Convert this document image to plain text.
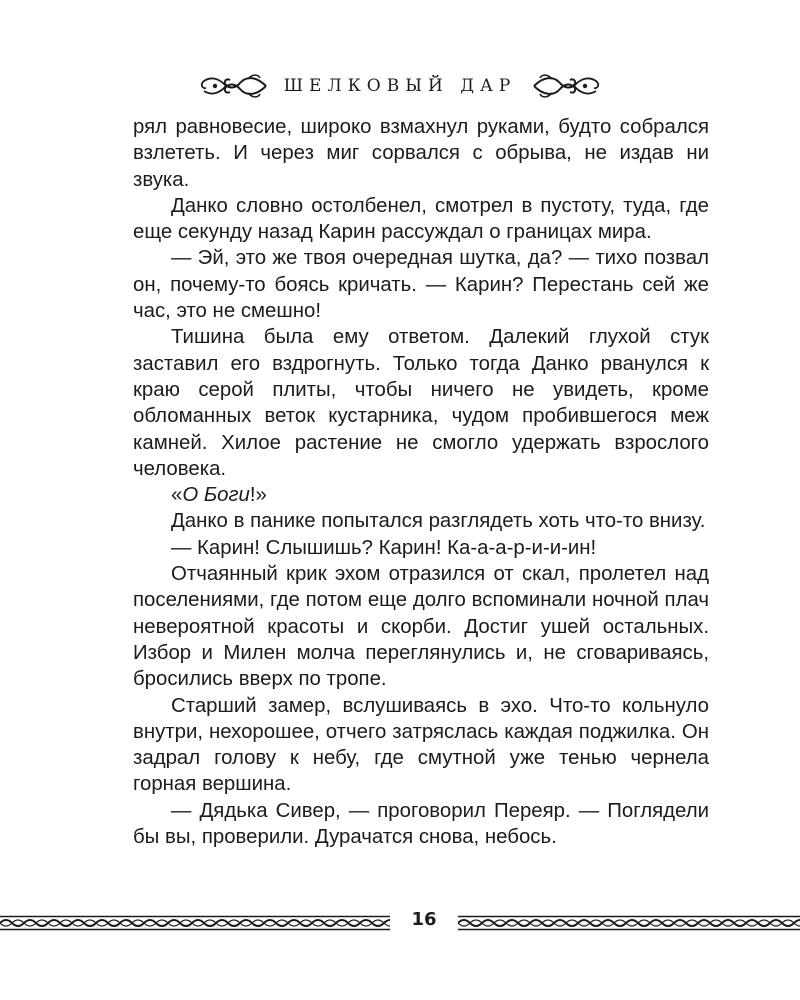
ШЕЛКОВЫЙ ДАР

рял равновесие, широко взмахнул руками, будто собрался взлететь. И через миг сорвался с обрыва, не издав ни звука.

Данко словно остолбенел, смотрел в пустоту, туда, где еще секунду назад Карин рассуждал о границах мира.

— Эй, это же твоя очередная шутка, да? — тихо позвал он, почему-то боясь кричать. — Карин? Перестань сей же час, это не смешно!

Тишина была ему ответом. Далекий глухой стук заставил его вздрогнуть. Только тогда Данко рванулся к краю серой плиты, чтобы ничего не увидеть, кроме обломанных веток кустарника, чудом пробившегося меж камней. Хилое растение не смогло удержать взрослого человека.

«О Боги!»

Данко в панике попытался разглядеть хоть что-то внизу.

— Карин! Слышишь? Карин! Ка-а-а-р-и-и-ин!

Отчаянный крик эхом отразился от скал, пролетел над поселениями, где потом еще долго вспоминали ночной плач невероятной красоты и скорби. Достиг ушей остальных. Избор и Милен молча переглянулись и, не сговариваясь, бросились вверх по тропе.

Старший замер, вслушиваясь в эхо. Что-то кольнуло внутри, нехорошее, отчего затряслась каждая поджилка. Он задрал голову к небу, где смутной уже тенью чернела горная вершина.

— Дядька Сивер, — проговорил Переяр. — Поглядели бы вы, проверили. Дурачатся снова, небось.

16
